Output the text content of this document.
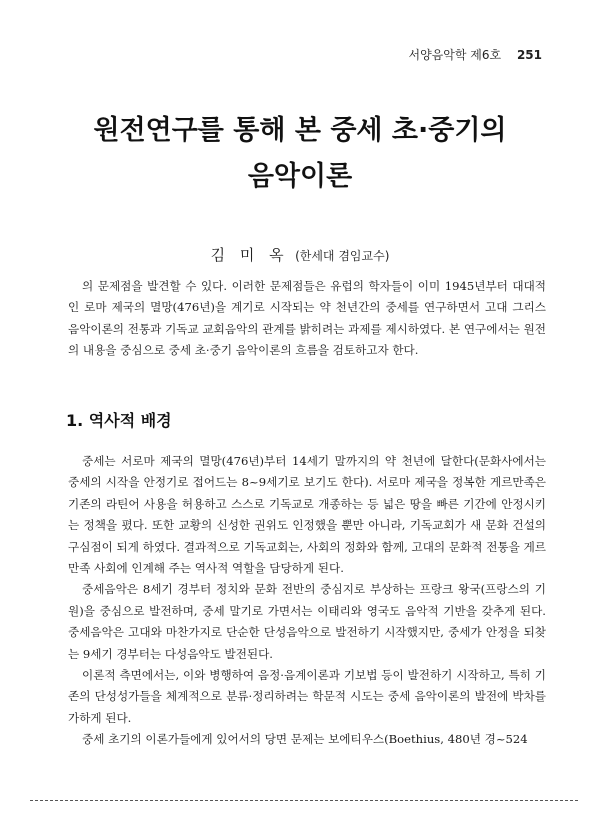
서양음악학 제6호 251
원전연구를 통해 본 중세 초·중기의
음악이론
김 미 옥 (한세대 겸임교수)

의 문제점을 발견할 수 있다. 이러한 문제점들은 유럽의 학자들이 이미 1945년부터 대대적인 로마 제국의 멸망(476년)을 계기로 시작되는 약 천년간의 중세를 연구하면서 고대 그리스 음악이론의 전통과 기독교 교회음악의 관계를 밝히려는 과제를 제시하였다. 본 연구에서는 원전의 내용을 중심으로 중세 초·중기 음악이론의 흐름을 검토하고자 한다.

1. 역사적 배경

중세는 서로마 제국의 멸망(476년)부터 14세기 말까지의 약 천년에 달한다(문화사에서는 중세의 시작을 안정기로 접어드는 8~9세기로 보기도 한다). 서로마 제국을 정복한 게르만족은 기존의 라틴어 사용을 허용하고 스스로 기독교로 개종하는 등 넓은 땅을 빠른 기간에 안정시키는 정책을 폈다. 또한 교황의 신성한 권위도 인정했을 뿐만 아니라, 기독교회가 새 문화 건설의 구심점이 되게 하였다. 결과적으로 기독교회는, 사회의 정화와 함께, 고대의 문화적 전통을 게르만족 사회에 인계해 주는 역사적 역할을 담당하게 된다.

중세음악은 8세기 경부터 정치와 문화 전반의 중심지로 부상하는 프랑크 왕국(프랑스의 기원)을 중심으로 발전하며, 중세 말기로 가면서는 이태리와 영국도 음악적 기반을 갖추게 된다. 중세음악은 고대와 마찬가지로 단순한 단성음악으로 발전하기 시작했지만, 중세가 안정을 되찾는 9세기 경부터는 다성음악도 발전된다.

이론적 측면에서는, 이와 병행하여 음정·음계이론과 기보법 등이 발전하기 시작하고, 특히 기존의 단성성가들을 체계적으로 분류·정리하려는 학문적 시도는 중세 음악이론의 발전에 박차를 가하게 된다.

중세 초기의 이론가들에게 있어서의 당면 문제는 보에티우스(Boethius, 480년 경~524
